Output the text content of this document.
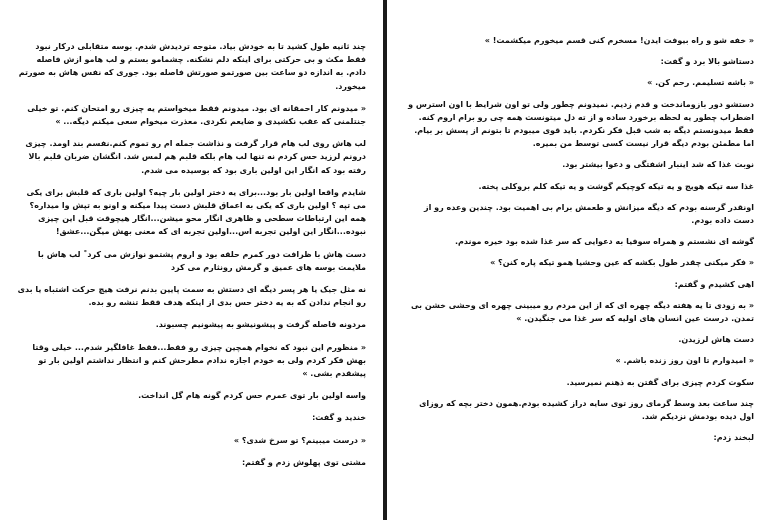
چند ثانیه طول کشید تا به خودش بیاد. متوجه تردیدش شدم. بوسه متقابلی درکار نبود فقط مکث و بی حرکتی برای اینکه دلم نشکنه. چشمامو بستم و لب هامو ازش فاصله دادم. به اندازه دو ساعت بین صورتمو صورتش فاصله بود. جوری که نفس هاش به صورتم میخورد.

« میدونم کار احمقانه ای بود. میدونم فقط میخواستم یه چیزی رو امتحان کنم. تو خیلی جنتلمنی که عقب نکشیدی و ضایعم نکردی. معذرت میخوام سعی میکنم دیگه... »

لب هاش روی لب هام قرار گرفت و نذاشت جمله ام رو تموم کنم.نفسم بند اومد. چیزی درونم لرزید حس کردم نه تنها لب هام بلکه قلبم هم لمس شد. انگشان ضربان قلبم بالا رفته بود که انگار این اولین باری بود که بوسیده می شدم.

شایدم واقعا اولین بار بود...برای یه دختر اولین بار چیه؟ اولین باری که قلبش برای یکی می تپه ؟ اولین باری که یکی به اعماق قلبش دست پیدا میکنه و اونو به تپش وا میداره؟ همه این ارتباطات سطحی و ظاهری انگار محو میشن...انگار هیچوقت قبل این چیزی نبوده...انگار این اولین تجربه اس...اولین تجربه ای که معنی بهش میگن...عشق!

دست هاش با ظرافت دور کمرم حلقه بود و اروم پشتمو نوازش می کرد˚ لب هاش با ملایمت بوسه های عمیق و گرمش رونثارم می کرد

نه مثل جیک یا هر پسر دیگه ای دستش به سمت پایین بدنم نرفت هیچ حرکت اشتباه یا بدی رو انجام ندادن که به یه دختر حس بدی از اینکه هدف فقط تنشه رو بده.

مردونه فاصله گرفت و پیشونیشو به پیشونیم چسبوند.

« منظورم این نبود که نخوام همچین چیزی رو فقط...فقط غافلگیر شدم... خیلی وقتا بهش فکر کردم ولی به خودم اجازه ندادم مطرحش کنم و انتظار نداشتم اولین بار تو پیشقدم بشی. »

واسه اولین بار توی عمرم حس کردم گونه هام گل انداخت.

خندید و گفت:

« درست میبینم؟ تو سرخ شدی؟ »

مشتی توی پهلوش زدم و گفتم:

« خفه شو و راه بیوفت ایدن! مسخرم کنی قسم میخورم میکشمت! »

دستاشو بالا برد و گفت:

« باشه تسلیمم. رحم کن. »

دستشو دور بازوماندخت و قدم زدیم. نمیدونم چطور ولی تو اون شرایط با اون استرس و اضطراب چطور یه لحظه برخورد ساده و از ته دل میتونست همه چی رو برام اروم کنه. فقط میدونستم دیگه به شب قبل فکر نکردم. باید قوی میبودم تا بتونم از پسش بر بیام. اما مطمئن بودم دیگه قرار نیست کسی توسط من بمیره.

نوبت غذا که شد اینبار اشفتگی و دعوا بیشتر بود.

غذا سه تیکه هویج و یه تیکه کوچیکم گوشت و یه تیکه کلم بروکلی پخته.

اونقدر گرسنه بودم که دیگه میزانش و طعمش برام بی اهمیت بود. چندین وعده رو از دست داده بودم.

گوشه ای نشستم و همراه سوفیا به دعوایی که سر غذا شده بود خیره موندم.

« فکر میکنی چقدر طول بکشه که عین وحشیا همو تیکه پاره کنن؟ »

اهی کشیدم و گفتم:

« به زودی تا یه هفته دیگه چهره ای که از این مردم رو میبینی چهره ای وحشی خشن بی تمدن. درست عین انسان های اولیه که سر غذا می جنگیدن. »

دست هاش لرزیدن.

« امیدوارم تا اون روز زنده باشم. »

سکوت کردم چیزی برای گفتن به ذهنم نمیرسید.

چند ساعت بعد وسط گرمای روز توی سایه دراز کشیده بودم.همون دختر بچه که روزای اول دیده بودمش نزدیکم شد.

لبخند زدم:
